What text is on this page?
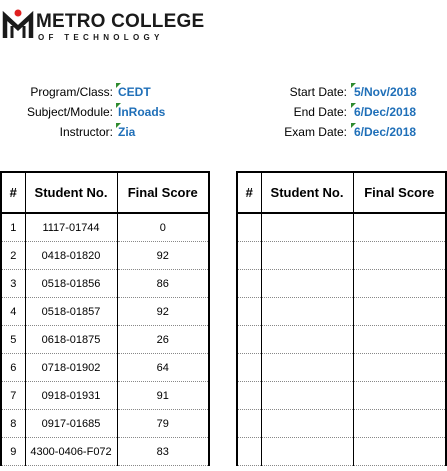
METRO COLLEGE
OF TECHNOLOGY
Program/Class: CEDT
Subject/Module: InRoads
Instructor: Zia
Start Date: 5/Nov/2018
End Date: 6/Dec/2018
Exam Date: 6/Dec/2018
#	Student No.	Final Score
1	1117-01744	0
2	0418-01820	92
3	0518-01856	86
4	0518-01857	92
5	0618-01875	26
6	0718-01902	64
7	0918-01931	91
8	0917-01685	79
9	4300-0406-F072	83
#	Student No.	Final Score
